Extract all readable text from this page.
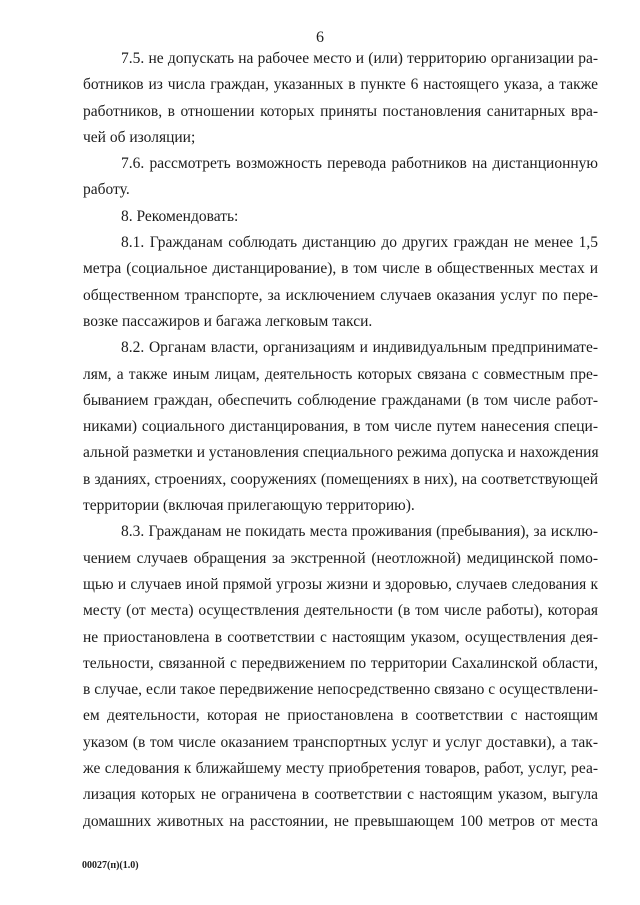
6
7.5. не допускать на рабочее место и (или) территорию организации ра-
ботников из числа граждан, указанных в пункте 6 настоящего указа, а также
работников, в отношении которых приняты постановления санитарных вра-
чей об изоляции;
7.6. рассмотреть возможность перевода работников на дистанционную
работу.
8. Рекомендовать:
8.1. Гражданам соблюдать дистанцию до других граждан не менее 1,5
метра (социальное дистанцирование), в том числе в общественных местах и
общественном транспорте, за исключением случаев оказания услуг по пере-
возке пассажиров и багажа легковым такси.
8.2. Органам власти, организациям и индивидуальным предпринимате-
лям, а также иным лицам, деятельность которых связана с совместным пре-
быванием граждан, обеспечить соблюдение гражданами (в том числе работ-
никами) социального дистанцирования, в том числе путем нанесения специ-
альной разметки и установления специального режима допуска и нахождения
в зданиях, строениях, сооружениях (помещениях в них), на соответствующей
территории (включая прилегающую территорию).
8.3. Гражданам не покидать места проживания (пребывания), за исклю-
чением случаев обращения за экстренной (неотложной) медицинской помо-
щью и случаев иной прямой угрозы жизни и здоровью, случаев следования к
месту (от места) осуществления деятельности (в том числе работы), которая
не приостановлена в соответствии с настоящим указом, осуществления дея-
тельности, связанной с передвижением по территории Сахалинской области,
в случае, если такое передвижение непосредственно связано с осуществлени-
ем деятельности, которая не приостановлена в соответствии с настоящим
указом (в том числе оказанием транспортных услуг и услуг доставки), а так-
же следования к ближайшему месту приобретения товаров, работ, услуг, реа-
лизация которых не ограничена в соответствии с настоящим указом, выгула
домашних животных на расстоянии, не превышающем 100 метров от места
00027(п)(1.0)
